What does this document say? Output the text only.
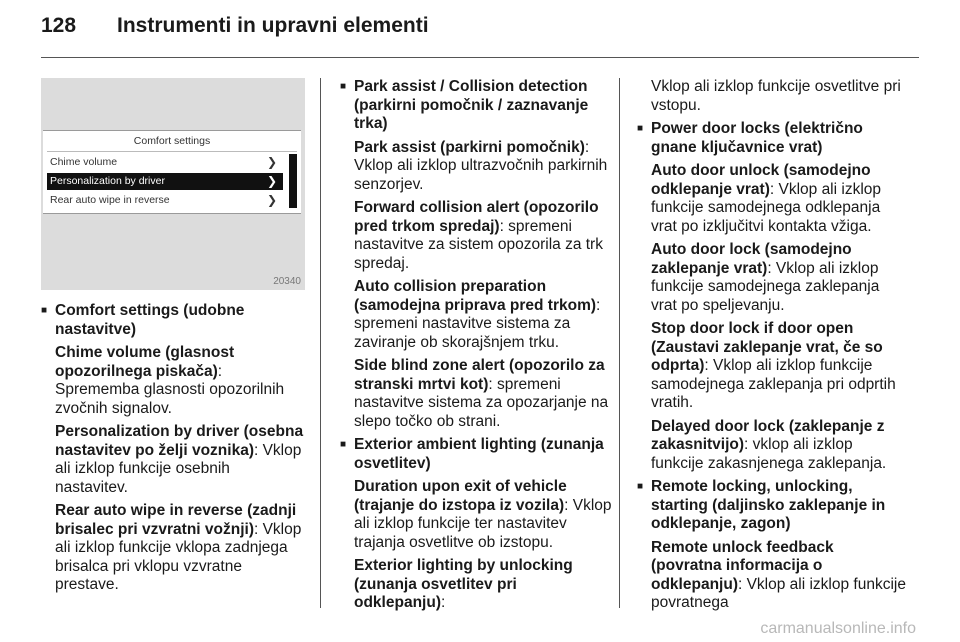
128 Instrumenti in upravni elementi
Comfort settings
Chime volume	❯
Personalization by driver	❯
Rear auto wipe in reverse	❯
20340
■ Comfort settings (udobne nastavitve)

Chime volume (glasnost opozorilnega piskača): Sprememba glasnosti opozorilnih zvočnih signalov.

Personalization by driver (osebna nastavitev po želji voznika): Vklop ali izklop funkcije osebnih nastavitev.

Rear auto wipe in reverse (zadnji brisalec pri vzvratni vožnji): Vklop ali izklop funkcije vklopa zadnjega brisalca pri vklopu vzvratne prestave.

■ Park assist / Collision detection (parkirni pomočnik / zaznavanje trka)

Park assist (parkirni pomočnik): Vklop ali izklop ultrazvočnih parkirnih senzorjev.

Forward collision alert (opozorilo pred trkom spredaj): spremeni nastavitve za sistem opozorila za trk spredaj.

Auto collision preparation (samodejna priprava pred trkom): spremeni nastavitve sistema za zaviranje ob skorajšnjem trku.

Side blind zone alert (opozorilo za stranski mrtvi kot): spremeni nastavitve sistema za opozarjanje na slepo točko ob strani.

■ Exterior ambient lighting (zunanja osvetlitev)

Duration upon exit of vehicle (trajanje do izstopa iz vozila): Vklop ali izklop funkcije ter nastavitev trajanja osvetlitve ob izstopu.

Exterior lighting by unlocking (zunanja osvetlitev pri odklepanju):

Vklop ali izklop funkcije osvetlitve pri vstopu.

■ Power door locks (električno gnane ključavnice vrat)

Auto door unlock (samodejno odklepanje vrat): Vklop ali izklop funkcije samodejnega odklepanja vrat po izključitvi kontakta vžiga.

Auto door lock (samodejno zaklepanje vrat): Vklop ali izklop funkcije samodejnega zaklepanja vrat po speljevanju.

Stop door lock if door open (Zaustavi zaklepanje vrat, če so odprta): Vklop ali izklop funkcije samodejnega zaklepanja pri odprtih vratih.

Delayed door lock (zaklepanje z zakasnitvijo): vklop ali izklop funkcije zakasnjenega zaklepanja.

■ Remote locking, unlocking, starting (daljinsko zaklepanje in odklepanje, zagon)

Remote unlock feedback (povratna informacija o odklepanju): Vklop ali izklop funkcije povratnega

carmanualsonline.info
